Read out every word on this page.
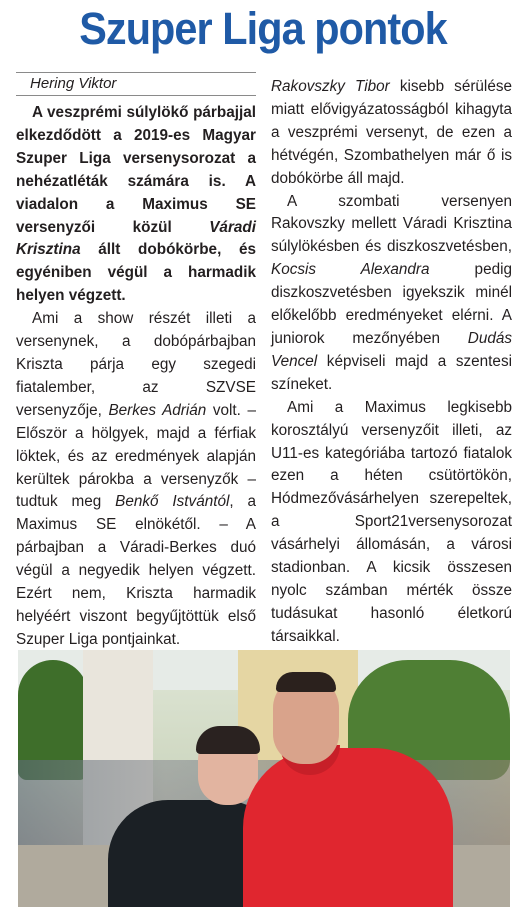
Szuper Liga pontok
Hering Viktor

A veszprémi súlylökő párbajjal elkezdődött a 2019-es Magyar Szuper Liga versenysorozat a nehézatléták számára is. A viadalon a Maximus SE versenyzői közül Váradi Krisztina állt dobókörbe, és egyéniben végül a harmadik helyen végzett.

Ami a show részét illeti a versenynek, a dobópárbajban Kriszta párja egy szegedi fiatalember, az SZVSE versenyzője, Berkes Adrián volt. – Először a hölgyek, majd a férfiak löktek, és az eredmények alapján kerültek párokba a versenyzők – tudtuk meg Benkő Istvántól, a Maximus SE elnökétől. – A párbajban a Váradi-Berkes duó végül a negyedik helyen végzett. Ezért nem, Kriszta harmadik helyéért viszont begyűjtöttük első Szuper Liga pontjainkat.

Rakovszky Tibor kisebb sérülése miatt elővigyázatosságból kihagyta a veszprémi versenyt, de ezen a hétvégén, Szombathelyen már ő is dobókörbe áll majd.

A szombati versenyen Rakovszky mellett Váradi Krisztina súlylökésben és diszkoszvetésben, Kocsis Alexandra pedig diszkoszvetésben igyekszik minél előkelőbb eredményeket elérni. A juniorok mezőnyében Dudás Vencel képviseli majd a szentesi színeket.

Ami a Maximus legkisebb korosztályú versenyzőit illeti, az U11-es kategóriába tartozó fiatalok ezen a héten csütörtökön, Hódmezővásárhelyen szerepeltek, a Sport21versenysorozat vásárhelyi állomásán, a városi stadionban. A kicsik összesen nyolc számban mérték össze tudásukat hasonló életkorú társaikkal.
